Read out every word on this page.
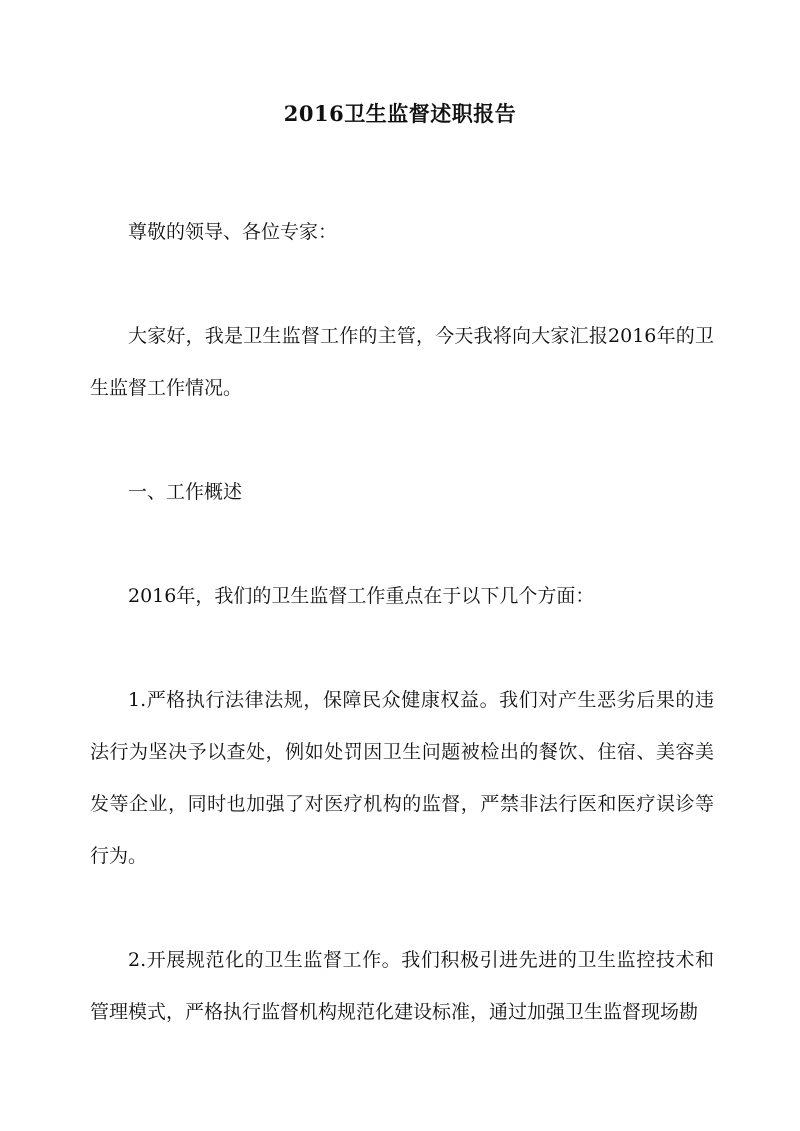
2016卫生监督述职报告

尊敬的领导、各位专家：

大家好，我是卫生监督工作的主管，今天我将向大家汇报2016年的卫生监督工作情况。

一、工作概述

2016年，我们的卫生监督工作重点在于以下几个方面：

1.严格执行法律法规，保障民众健康权益。我们对产生恶劣后果的违法行为坚决予以查处，例如处罚因卫生问题被检出的餐饮、住宿、美容美发等企业，同时也加强了对医疗机构的监督，严禁非法行医和医疗误诊等行为。

2.开展规范化的卫生监督工作。我们积极引进先进的卫生监控技术和管理模式，严格执行监督机构规范化建设标准，通过加强卫生监督现场勘
